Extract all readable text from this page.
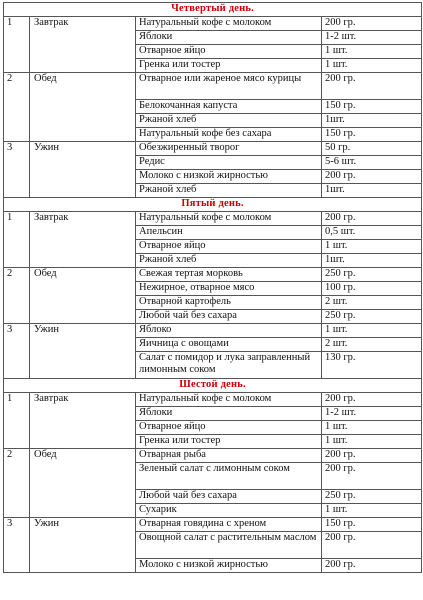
Четвертый день.			
1	Завтрак	Натуральный кофе с молоком	200 гр.
		Яблоки	1-2 шт.
		Отварное яйцо	1 шт.
		Гренка или тостер	1 шт.
2	Обед	Отварное или жареное мясо курицы	200 гр.
		Белокочанная капуста	150 гр.
		Ржаной хлеб	1шт.
		Натуральный кофе без сахара	150 гр.
3	Ужин	Обезжиренный творог	50 гр.
		Редис	5-6 шт.
		Молоко с низкой жирностью	200 гр.
		Ржаной хлеб	1шт.
Пятый день.			
1	Завтрак	Натуральный кофе с молоком	200 гр.
		Апельсин	0,5 шт.
		Отварное яйцо	1 шт.
		Ржаной хлеб	1шт.
2	Обед	Свежая тертая морковь	250 гр.
		Нежирное, отварное мясо	100 гр.
		Отварной картофель	2 шт.
		Любой чай без сахара	250 гр.
3	Ужин	Яблоко	1 шт.
		Яичница с овощами	2 шт.
		Салат с помидор и лука заправленный лимонным соком	130 гр.
Шестой день.			
1	Завтрак	Натуральный кофе с молоком	200 гр.
		Яблоки	1-2 шт.
		Отварное яйцо	1 шт.
		Гренка или тостер	1 шт.
2	Обед	Отварная рыба	200 гр.
		Зеленый салат с лимонным соком	200 гр.
		Любой чай без сахара	250 гр.
		Сухарик	1 шт.
3	Ужин	Отварная говядина с хреном	150 гр.
		Овощной салат с растительным маслом	200 гр.
		Молоко с низкой жирностью	200 гр.
